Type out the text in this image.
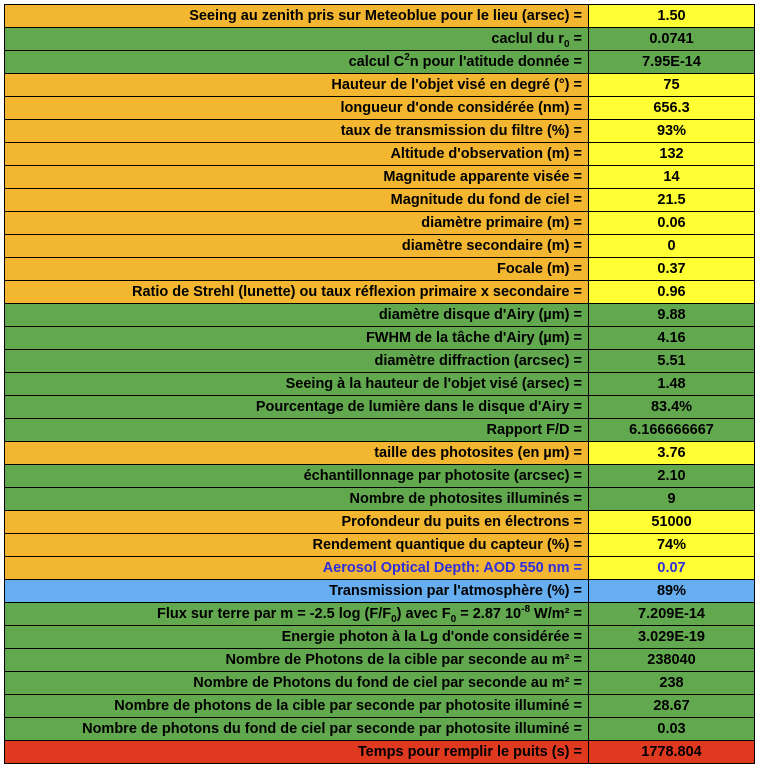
Seeing au zenith pris sur Meteoblue pour le lieu (arsec) =	1.50
caclul du $r_0$ =	0.0741
calcul $C^2n$ pour l'atitude donnée =	7.95E-14
Hauteur de l'objet visé en degré (°) =	75
longueur d'onde considérée (nm) =	656.3
taux de transmission du filtre (%) =	93%
Altitude d'observation (m) =	132
Magnitude apparente visée =	14
Magnitude du fond de ciel =	21.5
diamètre primaire (m) =	0.06
diamètre secondaire (m) =	0
Focale (m) =	0.37
Ratio de Strehl (lunette) ou taux réflexion primaire x secondaire =	0.96
diamètre disque d'Airy (µm) =	9.88
FWHM de la tâche d'Airy (µm) =	4.16
diamètre diffraction (arcsec) =	5.51
Seeing à la hauteur de l'objet visé (arsec) =	1.48
Pourcentage de lumière dans le disque d'Airy =	83.4%
Rapport F/D =	6.166666667
taille des photosites (en µm) =	3.76
échantillonnage par photosite (arcsec) =	2.10
Nombre de photosites illuminés =	9
Profondeur du puits en électrons =	51000
Rendement quantique du capteur (%) =	74%
Aerosol Optical Depth: AOD 550 nm =	0.07
Transmission par l'atmosphère (%) =	89%
Flux sur terre par m = -2.5 $\log (F/F_0)$ avec $F_0 = 2.87$ $10^{-8}$ W/m² =	7.209E-14
Energie photon à la Lg d'onde considérée =	3.029E-19
Nombre de Photons de la cible par seconde au m² =	238040
Nombre de Photons du fond de ciel par seconde au m² =	238
Nombre de photons de la cible par seconde par photosite illuminé =	28.67
Nombre de photons du fond de ciel par seconde par photosite illuminé =	0.03
Temps pour remplir le puits (s) =	1778.804
